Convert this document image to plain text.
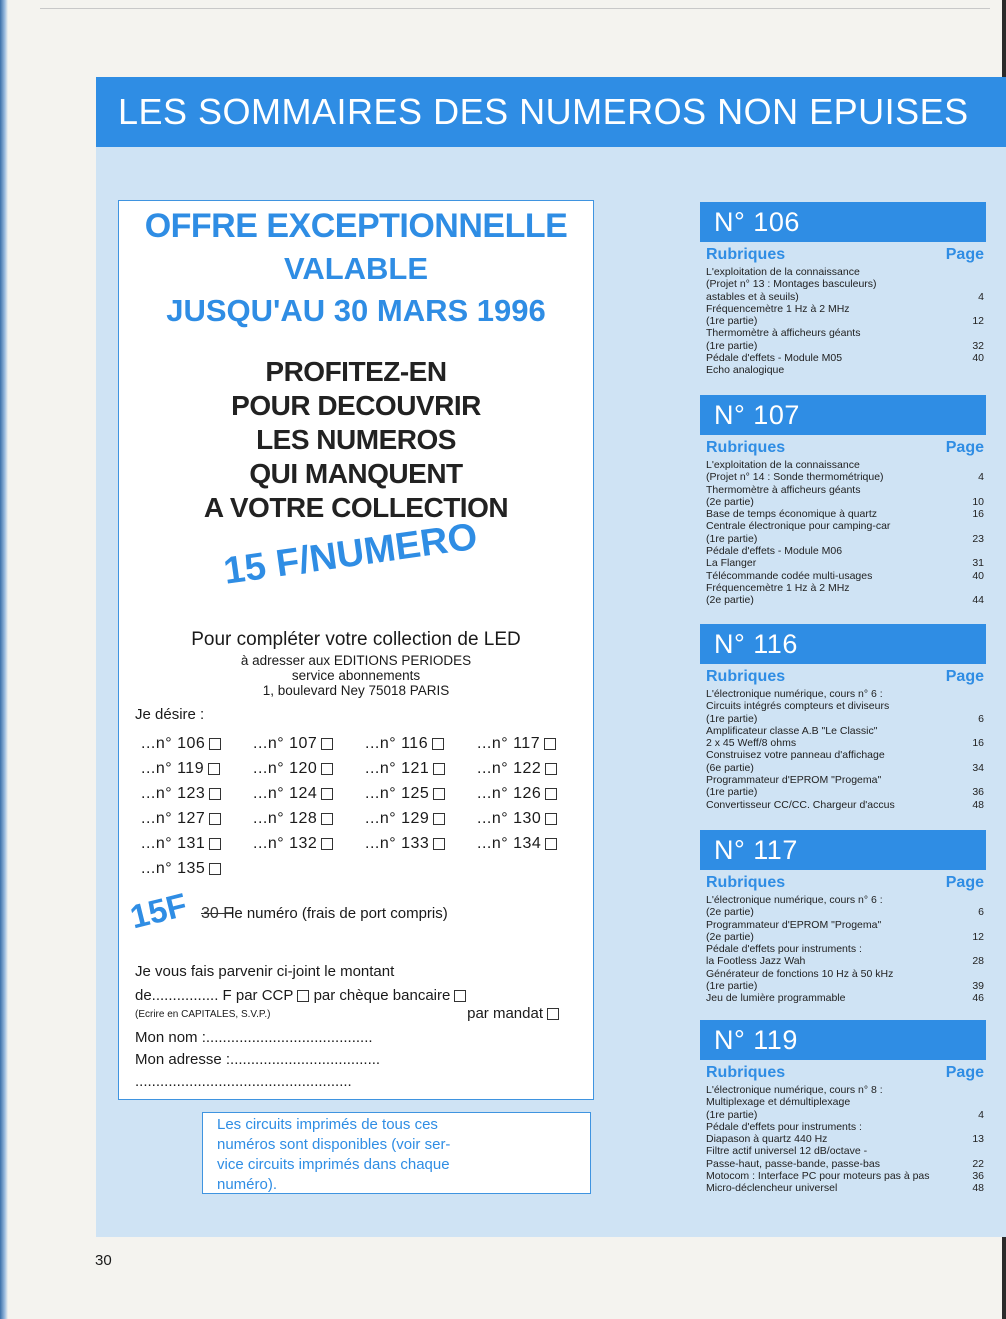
LES SOMMAIRES DES NUMEROS NON EPUISES
OFFRE EXCEPTIONNELLE
VALABLE
JUSQU'AU 30 MARS 1996
PROFITEZ-EN
POUR DECOUVRIR
LES NUMEROS
QUI MANQUENT
A VOTRE COLLECTION
15 F/NUMERO
Pour compléter votre collection de LED
à adresser aux EDITIONS PERIODES
service abonnements
1, boulevard Ney 75018 PARIS
Je désire :
...n° 106	...n° 107	...n° 116	...n° 117
...n° 119	...n° 120	...n° 121	...n° 122
...n° 123	...n° 124	...n° 125	...n° 126
...n° 127	...n° 128	...n° 129	...n° 130
...n° 131	...n° 132	...n° 133	...n° 134
...n° 135
15F 30 F
le numéro (frais de port compris)
Je vous fais parvenir ci-joint le montant
de................ F par CCP par chèque bancaire
(Ecrire en CAPITALES, S.V.P.)	par mandat
Mon nom :........................................
Mon adresse :....................................
....................................................
Les circuits imprimés de tous ces
numéros sont disponibles (voir ser-
vice circuits imprimés dans chaque
numéro).
N° 106
Rubriques	Page
L'exploitation de la connaissance
(Projet n° 13 : Montages basculeurs)
astables et à seuils)	4
Fréquencemètre 1 Hz à 2 MHz
(1re partie)	12
Thermomètre à afficheurs géants
(1re partie)	32
Pédale d'effets - Module M05	40
Echo analogique
N° 107
Rubriques	Page
L'exploitation de la connaissance
(Projet n° 14 : Sonde thermométrique)	4
Thermomètre à afficheurs géants
(2e partie)	10
Base de temps économique à quartz	16
Centrale électronique pour camping-car
(1re partie)	23
Pédale d'effets - Module M06
La Flanger	31
Télécommande codée multi-usages	40
Fréquencemètre 1 Hz à 2 MHz
(2e partie)	44
N° 116
Rubriques	Page
L'électronique numérique, cours n° 6 :
Circuits intégrés compteurs et diviseurs
(1re partie)	6
Amplificateur classe A.B "Le Classic"
2 x 45 Weff/8 ohms	16
Construisez votre panneau d'affichage
(6e partie)	34
Programmateur d'EPROM "Progema"
(1re partie)	36
Convertisseur CC/CC. Chargeur d'accus	48
N° 117
Rubriques	Page
L'électronique numérique, cours n° 6 :
(2e partie)	6
Programmateur d'EPROM "Progema"
(2e partie)	12
Pédale d'effets pour instruments :
la Footless Jazz Wah	28
Générateur de fonctions 10 Hz à 50 kHz
(1re partie)	39
Jeu de lumière programmable	46
N° 119
Rubriques	Page
L'électronique numérique, cours n° 8 :
Multiplexage et démultiplexage
(1re partie)	4
Pédale d'effets pour instruments :
Diapason à quartz 440 Hz	13
Filtre actif universel 12 dB/octave -
Passe-haut, passe-bande, passe-bas	22
Motocom : Interface PC pour moteurs pas à pas	36
Micro-déclencheur universel	48
30
